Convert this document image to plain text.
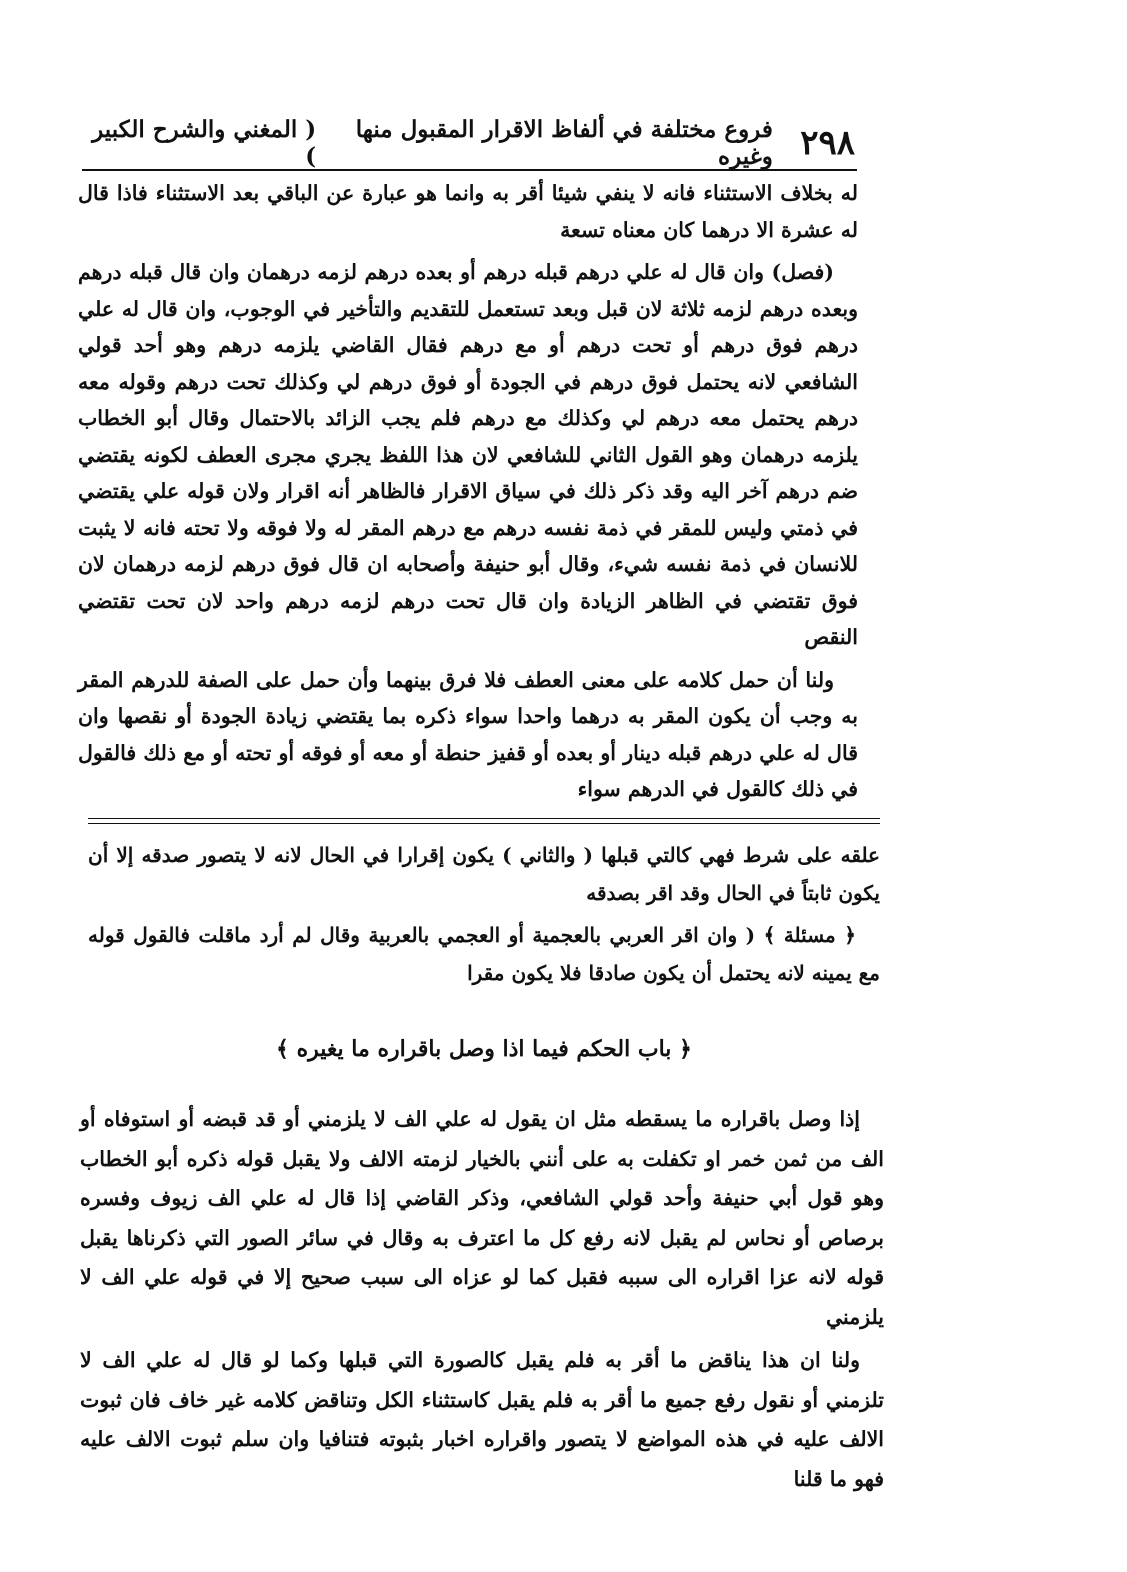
٢٩٨
فروع مختلفة في ألفاظ الاقرار المقبول منها وغيره
( المغني والشرح الكبير )

له بخلاف الاستثناء فانه لا ينفي شيئا أقر به وانما هو عبارة عن الباقي بعد الاستثناء فاذا قال له عشرة الا درهما كان معناه تسعة

(فصل) وان قال له علي درهم قبله درهم أو بعده درهم لزمه درهمان وان قال قبله درهم وبعده درهم لزمه ثلاثة لان قبل وبعد تستعمل للتقديم والتأخير في الوجوب، وان قال له علي درهم فوق درهم أو تحت درهم أو مع درهم فقال القاضي يلزمه درهم وهو أحد قولي الشافعي لانه يحتمل فوق درهم في الجودة أو فوق درهم لي وكذلك تحت درهم وقوله معه درهم يحتمل معه درهم لي وكذلك مع درهم فلم يجب الزائد بالاحتمال وقال أبو الخطاب يلزمه درهمان وهو القول الثاني للشافعي لان هذا اللفظ يجري مجرى العطف لكونه يقتضي ضم درهم آخر اليه وقد ذكر ذلك في سياق الاقرار فالظاهر أنه اقرار ولان قوله علي يقتضي في ذمتي وليس للمقر في ذمة نفسه درهم مع درهم المقر له ولا فوقه ولا تحته فانه لا يثبت للانسان في ذمة نفسه شيء، وقال أبو حنيفة وأصحابه ان قال فوق درهم لزمه درهمان لان فوق تقتضي في الظاهر الزيادة وان قال تحت درهم لزمه درهم واحد لان تحت تقتضي النقص

ولنا أن حمل كلامه على معنى العطف فلا فرق بينهما وأن حمل على الصفة للدرهم المقر به وجب أن يكون المقر به درهما واحدا سواء ذكره بما يقتضي زيادة الجودة أو نقصها وان قال له علي درهم قبله دينار أو بعده أو قفيز حنطة أو معه أو فوقه أو تحته أو مع ذلك فالقول في ذلك كالقول في الدرهم سواء

علقه على شرط فهي كالتي قبلها ( والثاني ) يكون إقرارا في الحال لانه لا يتصور صدقه إلا أن يكون ثابتاً في الحال وقد اقر بصدقه

﴿ مسئلة ﴾ ( وان اقر العربي بالعجمية أو العجمي بالعربية وقال لم أرد ماقلت فالقول قوله مع يمينه لانه يحتمل أن يكون صادقا فلا يكون مقرا

﴿ باب الحكم فيما اذا وصل باقراره ما يغيره ﴾

إذا وصل باقراره ما يسقطه مثل ان يقول له علي الف لا يلزمني أو قد قبضه أو استوفاه أو الف من ثمن خمر او تكفلت به على أنني بالخيار لزمته الالف ولا يقبل قوله ذكره أبو الخطاب وهو قول أبي حنيفة وأحد قولي الشافعي، وذكر القاضي إذا قال له علي الف زيوف وفسره برصاص أو نحاس لم يقبل لانه رفع كل ما اعترف به وقال في سائر الصور التي ذكرناها يقبل قوله لانه عزا اقراره الى سببه فقبل كما لو عزاه الى سبب صحيح إلا في قوله علي الف لا يلزمني

ولنا ان هذا يناقض ما أقر به فلم يقبل كالصورة التي قبلها وكما لو قال له علي الف لا تلزمني أو نقول رفع جميع ما أقر به فلم يقبل كاستثناء الكل وتناقض كلامه غير خاف فان ثبوت الالف عليه في هذه المواضع لا يتصور واقراره اخبار بثبوته فتنافيا وان سلم ثبوت الالف عليه فهو ما قلنا
